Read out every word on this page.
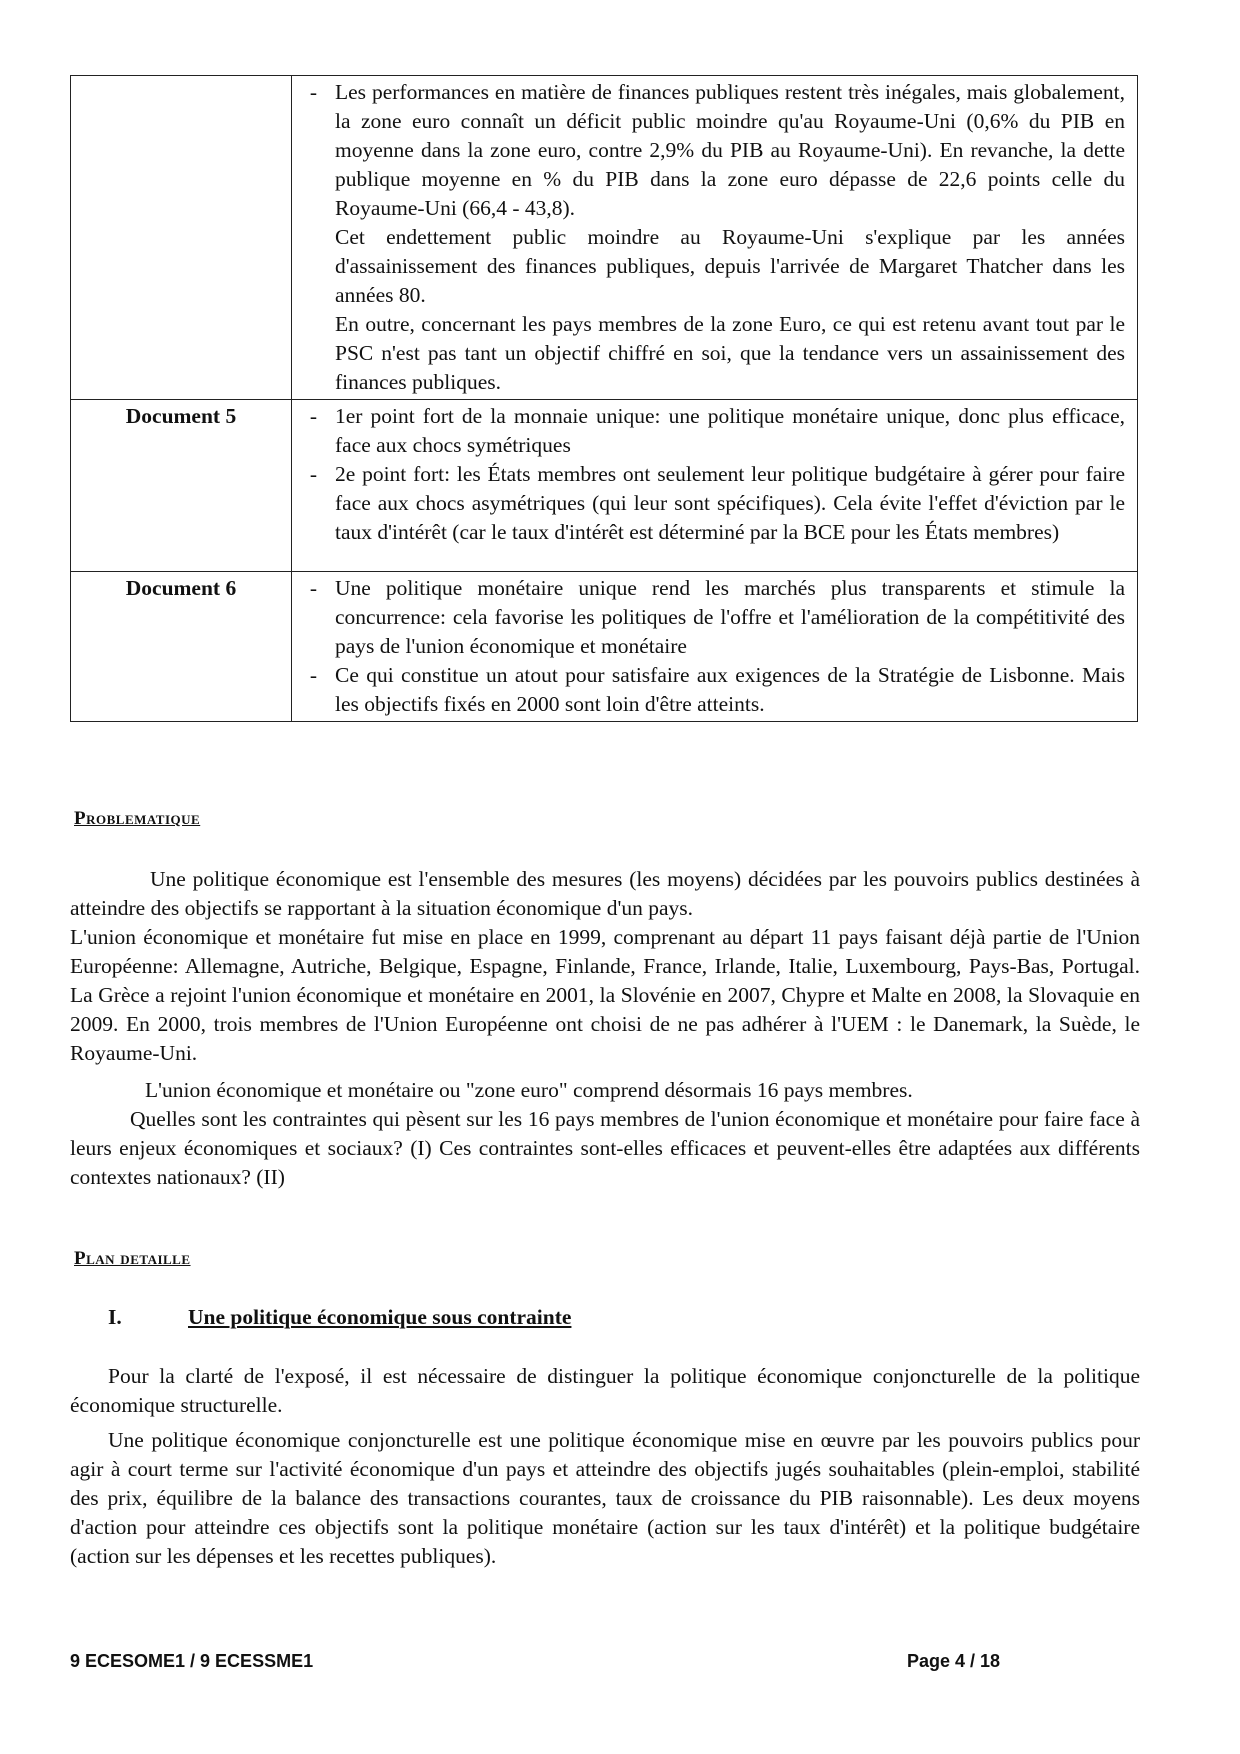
	- Les performances en matière de finances publiques restent très inégales, mais globalement, la zone euro connaît un déficit public moindre qu'au Royaume-Uni (0,6% du PIB en moyenne dans la zone euro, contre 2,9% du PIB au Royaume-Uni). En revanche, la dette publique moyenne en % du PIB dans la zone euro dépasse de 22,6 points celle du Royaume-Uni (66,4 - 43,8).
Cet endettement public moindre au Royaume-Uni s'explique par les années d'assainissement des finances publiques, depuis l'arrivée de Margaret Thatcher dans les années 80.
En outre, concernant les pays membres de la zone Euro, ce qui est retenu avant tout par le PSC n'est pas tant un objectif chiffré en soi, que la tendance vers un assainissement des finances publiques.

Document 5	- 1er point fort de la monnaie unique: une politique monétaire unique, donc plus efficace, face aux chocs symétriques
- 2e point fort: les États membres ont seulement leur politique budgétaire à gérer pour faire face aux chocs asymétriques (qui leur sont spécifiques). Cela évite l'effet d'éviction par le taux d'intérêt (car le taux d'intérêt est déterminé par la BCE pour les États membres)

Document 6	- Une politique monétaire unique rend les marchés plus transparents et stimule la concurrence: cela favorise les politiques de l'offre et l'amélioration de la compétitivité des pays de l'union économique et monétaire
- Ce qui constitue un atout pour satisfaire aux exigences de la Stratégie de Lisbonne. Mais les objectifs fixés en 2000 sont loin d'être atteints.
Problematique

Une politique économique est l'ensemble des mesures (les moyens) décidées par les pouvoirs publics destinées à atteindre des objectifs se rapportant à la situation économique d'un pays.

L'union économique et monétaire fut mise en place en 1999, comprenant au départ 11 pays faisant déjà partie de l'Union Européenne: Allemagne, Autriche, Belgique, Espagne, Finlande, France, Irlande, Italie, Luxembourg, Pays-Bas, Portugal. La Grèce a rejoint l'union économique et monétaire en 2001, la Slovénie en 2007, Chypre et Malte en 2008, la Slovaquie en 2009. En 2000, trois membres de l'Union Européenne ont choisi de ne pas adhérer à l'UEM : le Danemark, la Suède, le Royaume-Uni.

L'union économique et monétaire ou "zone euro" comprend désormais 16 pays membres.

Quelles sont les contraintes qui pèsent sur les 16 pays membres de l'union économique et monétaire pour faire face à leurs enjeux économiques et sociaux? (I) Ces contraintes sont-elles efficaces et peuvent-elles être adaptées aux différents contextes nationaux? (II)

Plan detaille
I.	Une politique économique sous contrainte

Pour la clarté de l'exposé, il est nécessaire de distinguer la politique économique conjoncturelle de la politique économique structurelle.

Une politique économique conjoncturelle est une politique économique mise en œuvre par les pouvoirs publics pour agir à court terme sur l'activité économique d'un pays et atteindre des objectifs jugés souhaitables (plein-emploi, stabilité des prix, équilibre de la balance des transactions courantes, taux de croissance du PIB raisonnable). Les deux moyens d'action pour atteindre ces objectifs sont la politique monétaire (action sur les taux d'intérêt) et la politique budgétaire (action sur les dépenses et les recettes publiques).

9 ECESOME1 / 9 ECESSME1	Page 4 / 18
